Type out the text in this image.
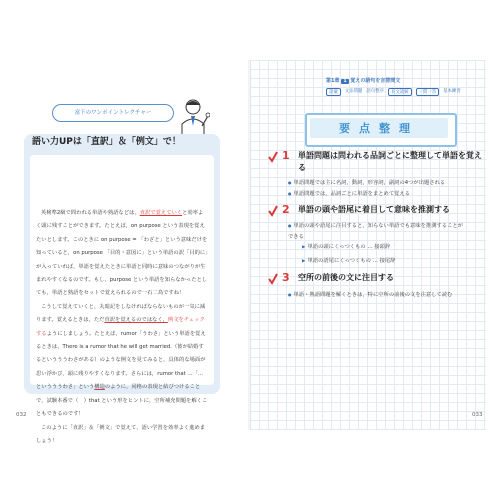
富下のワンポイントレクチャー
語い力UPは「直訳」＆「例文」で！

英検準2級で問われる単語や熟語などは，直訳で覚えていくと効率よく頭に残すことができます。たとえば，on purpose という表現を覚えたいとします。このときに on purpose = 「わざと」という意味だけを知っていると，on purpose 「目的・意図に」という単語の訳「目的に」が入っていれば，単語を覚えたときに単語と同時に意味のつながりが生まれやすくなるのです。もし，purpose という単語を知らなかったとしても，単語と熟語をセットで覚えられるので一石二鳥ですね！

こうして覚えていくと，丸暗記をしなければならないものが一気に減ります。覚えるときは，ただ直訳を覚えるのではなく，例文をチェックするようにしましょう。たとえば，rumor「うわさ」という単語を覚えるときは，There is a rumor that he will get married.（彼が結婚するというううわさがある）のような例文を見てみると，具体的な場面が思い浮かび，頭に残りやすくなります。さらには，rumor that ...「…というううわさ」という構造のように，同格の表現と結びつけることで，試験本番で（　）that という形をヒントに，空所補充問題を解くこともできるのです！

このように「直訳」＆「例文」で覚えて，語い学習を効率よく進めましょう！

032
第1章 1 覚えの語句を言替問文
語彙	文法問題 語句整序	長文読解	一問一答	基本練習
要点整理
1 単語問題は問われる品詞ごとに整理して単語を覚える
● 単語問題では主に名詞，動詞，形容詞，副詞の4つが出題される
● 単語問題では，品詞ごとに単語をまとめて覚える
2 単語の頭や語尾に着目して意味を推測する
● 単語の頭や語尾に注目すると，知らない単語でも意味を推測することができる
▶ 単語の頭にくっつくもの … 接頭辞
▶ 単語の語尾にくっつくもの … 接尾辞
3 空所の前後の文に注目する
● 単語・熟語問題を解くときは，特に空所の前後の文を注意して読む
033
